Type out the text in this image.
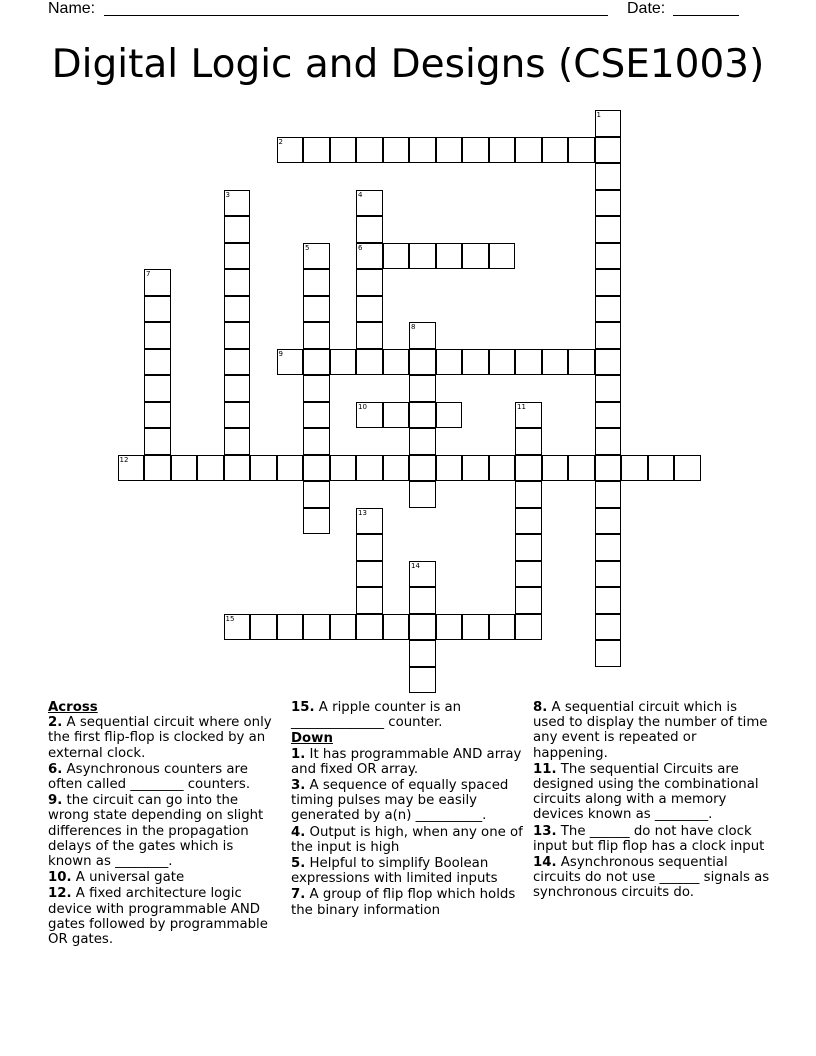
Name:	Date:
Digital Logic and Designs (CSE1003)
1
2
3	4
6
5
7
8
9
10	11
12
13
14
15
Across
2. A sequential circuit where only the first flip-flop is clocked by an external clock.
6. Asynchronous counters are often called ________ counters.
9. the circuit can go into the wrong state depending on slight differences in the propagation delays of the gates which is known as ________.
10. A universal gate
12. A fixed architecture logic device with programmable AND gates followed by programmable OR gates.
15. A ripple counter is an ______________ counter.
Down
1. It has programmable AND array and fixed OR array.
3. A sequence of equally spaced timing pulses may be easily generated by a(n) __________.
4. Output is high, when any one of the input is high
5. Helpful to simplify Boolean expressions with limited inputs
7. A group of flip flop which holds the binary information
8. A sequential circuit which is used to display the number of time any event is repeated or happening.
11. The sequential Circuits are designed using the combinational circuits along with a memory devices known as ________.
13. The ______ do not have clock input but flip flop has a clock input
14. Asynchronous sequential circuits do not use ______ signals as synchronous circuits do.
